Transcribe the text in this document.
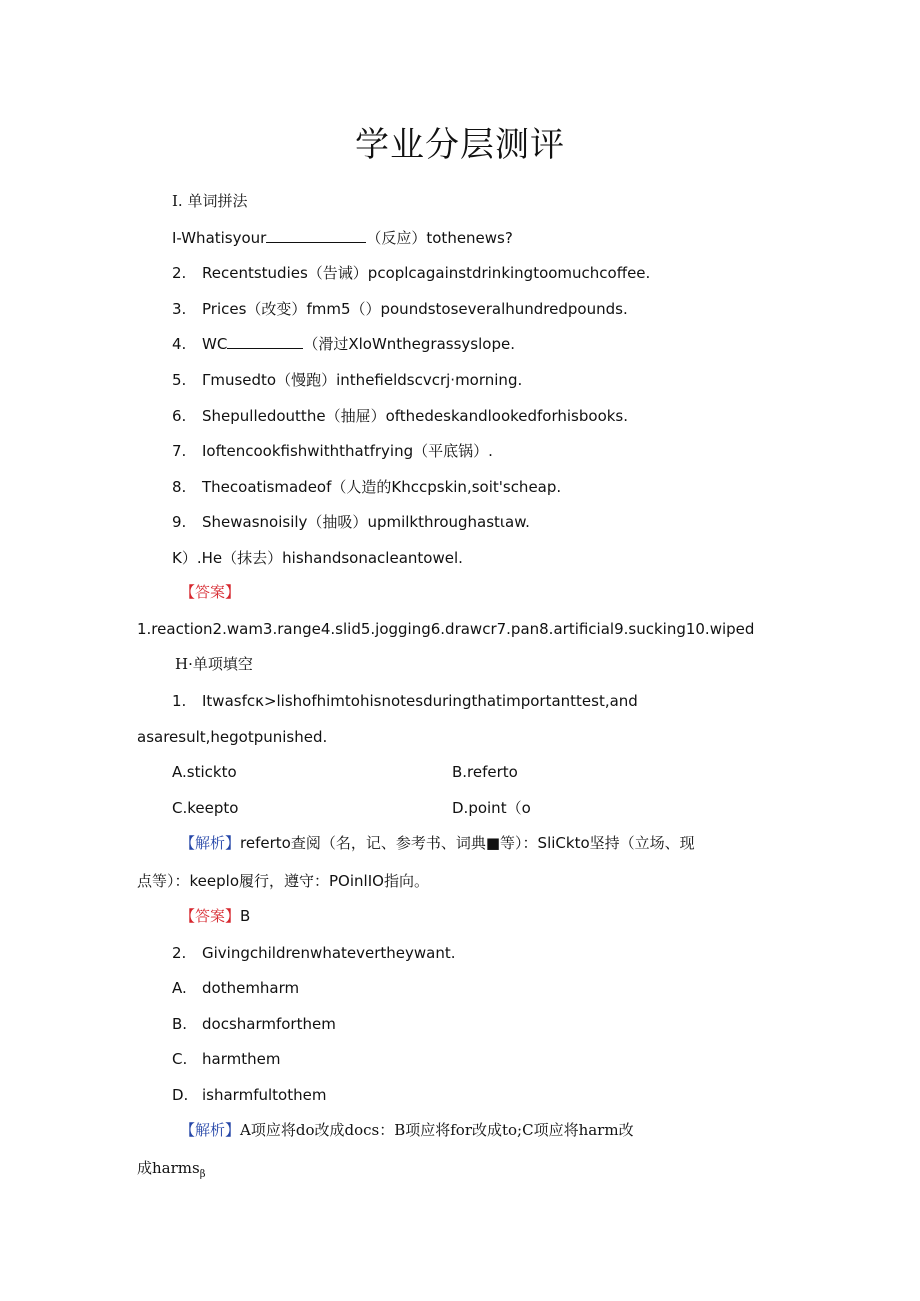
学业分层测评
I. 单词拼法
I-Whatisyour	（反应）tothenews?
2. Recentstudies（告诫）pcoplcagainstdrinkingtoomuchcoffee.
3. Prices（改变）fmm5（）poundstoseveralhundredpounds.
4. WC	（滑过XloWnthegrassyslope.
5. Γmusedto（慢跑）inthefieldscvcrj·morning.
6. Shepulledoutthe（抽屉）ofthedeskandlookedforhisbooks.
7. Ioftencookfishwiththatfrying（平底锅）.
8. Thecoatismadeof（人造的Khccpskin,soit'scheap.
9. Shewasnoisily（抽吸）upmilkthroughastιaw.
K）.He（抹去）hishandsonacleantowel.
【答案】
1.reaction2.wam3.range4.slid5.jogging6.drawcr7.pan8.artificial9.sucking10.wiped
H·单项填空
1. Itwasfcκ>lishofhimtohisnotesduringthatimportanttest,and
asaresult,hegotpunished.
A.stickto	B.referto
C.keepto	D.point（o
【解析】referto查阅（名，记、参考书、词典■等）：SliCkto坚持（立场、现
点等）：keeplo履行，遵守：POinlIO指向。
【答案】B
2. Givingchildrenwhatevertheywant.
A. dothemharm
B. docsharmforthem
C. harmthem
D. isharmfultothem
【解析】A项应将do改成docs：B项应将for改成to;C项应将harm改
成harms$_\beta$
